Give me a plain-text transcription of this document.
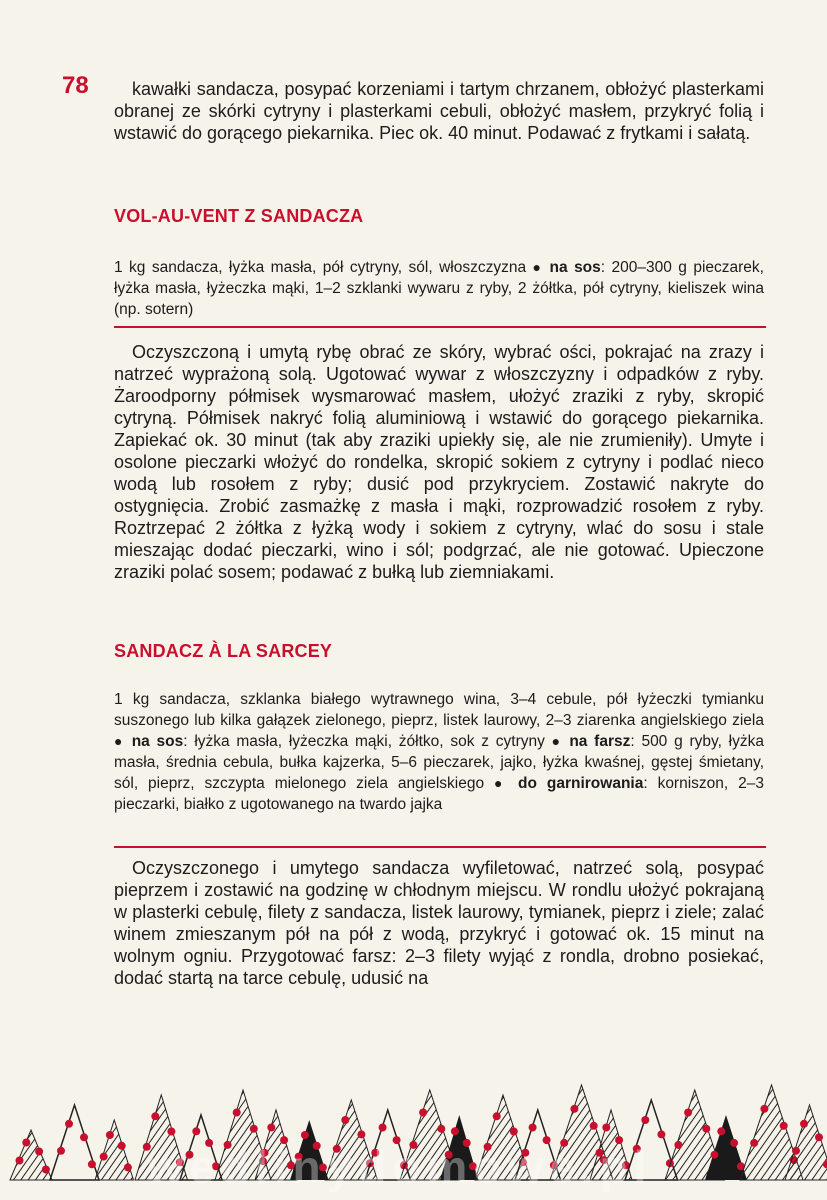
78	kawałki sandacza, posypać korzeniami i tartym chrzanem, obłożyć plasterkami obranej ze skórki cytryny i plasterkami cebuli, obłożyć masłem, przykryć folią i wstawić do gorącego piekarnika. Piec ok. 40 minut. Podawać z frytkami i sałatą.

VOL-AU-VENT Z SANDACZA

1 kg sandacza, łyżka masła, pół cytryny, sól, włoszczyzna ● na sos: 200–300 g pieczarek, łyżka masła, łyżeczka mąki, 1–2 szklanki wywaru z ryby, 2 żółtka, pół cytryny, kieliszek wina (np. sotern)

Oczyszczoną i umytą rybę obrać ze skóry, wybrać ości, pokrajać na zrazy i natrzeć wyprażoną solą. Ugotować wywar z włoszczyzny i odpadków z ryby. Żaroodporny półmisek wysmarować masłem, ułożyć zraziki z ryby, skropić cytryną. Półmisek nakryć folią aluminiową i wstawić do gorącego piekarnika. Zapiekać ok. 30 minut (tak aby zraziki upiekły się, ale nie zrumieniły). Umyte i osolone pieczarki włożyć do rondelka, skropić sokiem z cytryny i podlać nieco wodą lub rosołem z ryby; dusić pod przykryciem. Zostawić nakryte do ostygnięcia. Zrobić zasmażkę z masła i mąki, rozprowadzić rosołem z ryby. Roztrzepać 2 żółtka z łyżką wody i sokiem z cytryny, wlać do sosu i stale mieszając dodać pieczarki, wino i sól; podgrzać, ale nie gotować. Upieczone zraziki polać sosem; podawać z bułką lub ziemniakami.

SANDACZ À LA SARCEY

1 kg sandacza, szklanka białego wytrawnego wina, 3–4 cebule, pół łyżeczki tymianku suszonego lub kilka gałązek zielonego, pieprz, listek laurowy, 2–3 ziarenka angielskiego ziela ● na sos: łyżka masła, łyżeczka mąki, żółtko, sok z cytryny ● na farsz: 500 g ryby, łyżka masła, średnia cebula, bułka kajzerka, 5–6 pieczarek, jajko, łyżka kwaśnej, gęstej śmietany, sól, pieprz, szczypta mielonego ziela angielskiego ● do garnirowania: korniszon, 2–3 pieczarki, białko z ugotowanego na twardo jajka

Oczyszczonego i umytego sandacza wyfiletować, natrzeć solą, posypać pieprzem i zostawić na godzinę w chłodnym miejscu. W rondlu ułożyć pokrajaną w plasterki cebulę, filety z sandacza, listek laurowy, tymianek, pieprz i ziele; zalać winem zmieszanym pół na pół z wodą, przykryć i gotować ok. 15 minut na wolnym ogniu. Przygotować farsz: 2–3 filety wyjąć z rondla, drobno posiekać, dodać startą na tarce cebulę, udusić na

wedlinydomowe.pl
